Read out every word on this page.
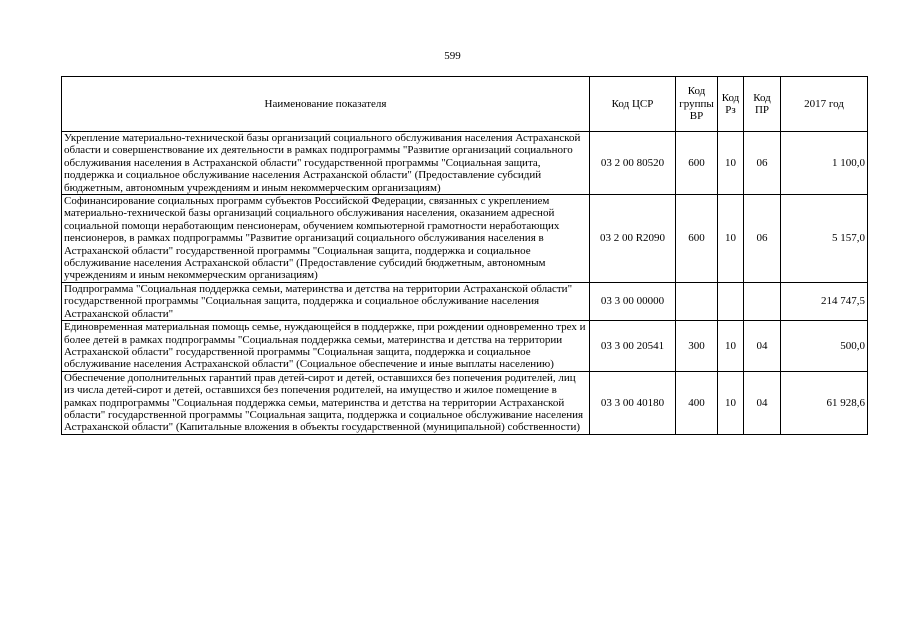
599
Наименование показателя	Код ЦСР	Код группы ВР	Код Рз	Код ПР	2017 год
Укрепление материально-технической базы организаций социального обслуживания населения Астраханской области и совершенствование их деятельности в рамках подпрограммы "Развитие организаций социального обслуживания населения в Астраханской области" государственной программы "Социальная защита, поддержка и социальное обслуживание населения Астраханской области" (Предоставление субсидий бюджетным, автономным учреждениям и иным некоммерческим организациям)	03 2 00 80520	600	10	06	1 100,0
Софинансирование социальных программ субъектов Российской Федерации, связанных с укреплением материально-технической базы организаций социального обслуживания населения, оказанием адресной социальной помощи неработающим пенсионерам, обучением компьютерной грамотности неработающих пенсионеров, в рамках подпрограммы "Развитие организаций социального обслуживания населения в Астраханской области" государственной программы "Социальная защита, поддержка и социальное обслуживание населения Астраханской области" (Предоставление субсидий бюджетным, автономным учреждениям и иным некоммерческим организациям)	03 2 00 R2090	600	10	06	5 157,0
Подпрограмма "Социальная поддержка семьи, материнства и детства на территории Астраханской области" государственной программы "Социальная защита, поддержка и социальное обслуживание населения Астраханской области"	03 3 00 00000				214 747,5
Единовременная материальная помощь семье, нуждающейся в поддержке, при рождении одновременно трех и более детей в рамках подпрограммы "Социальная поддержка семьи, материнства и детства на территории Астраханской области" государственной программы "Социальная защита, поддержка и социальное обслуживание населения Астраханской области" (Социальное обеспечение и иные выплаты населению)	03 3 00 20541	300	10	04	500,0
Обеспечение дополнительных гарантий прав детей-сирот и детей, оставшихся без попечения родителей, лиц из числа детей-сирот и детей, оставшихся без попечения родителей, на имущество и жилое помещение в рамках подпрограммы "Социальная поддержка семьи, материнства и детства на территории Астраханской области" государственной программы "Социальная защита, поддержка и социальное обслуживание населения Астраханской области" (Капитальные вложения в объекты государственной (муниципальной) собственности)	03 3 00 40180	400	10	04	61 928,6
